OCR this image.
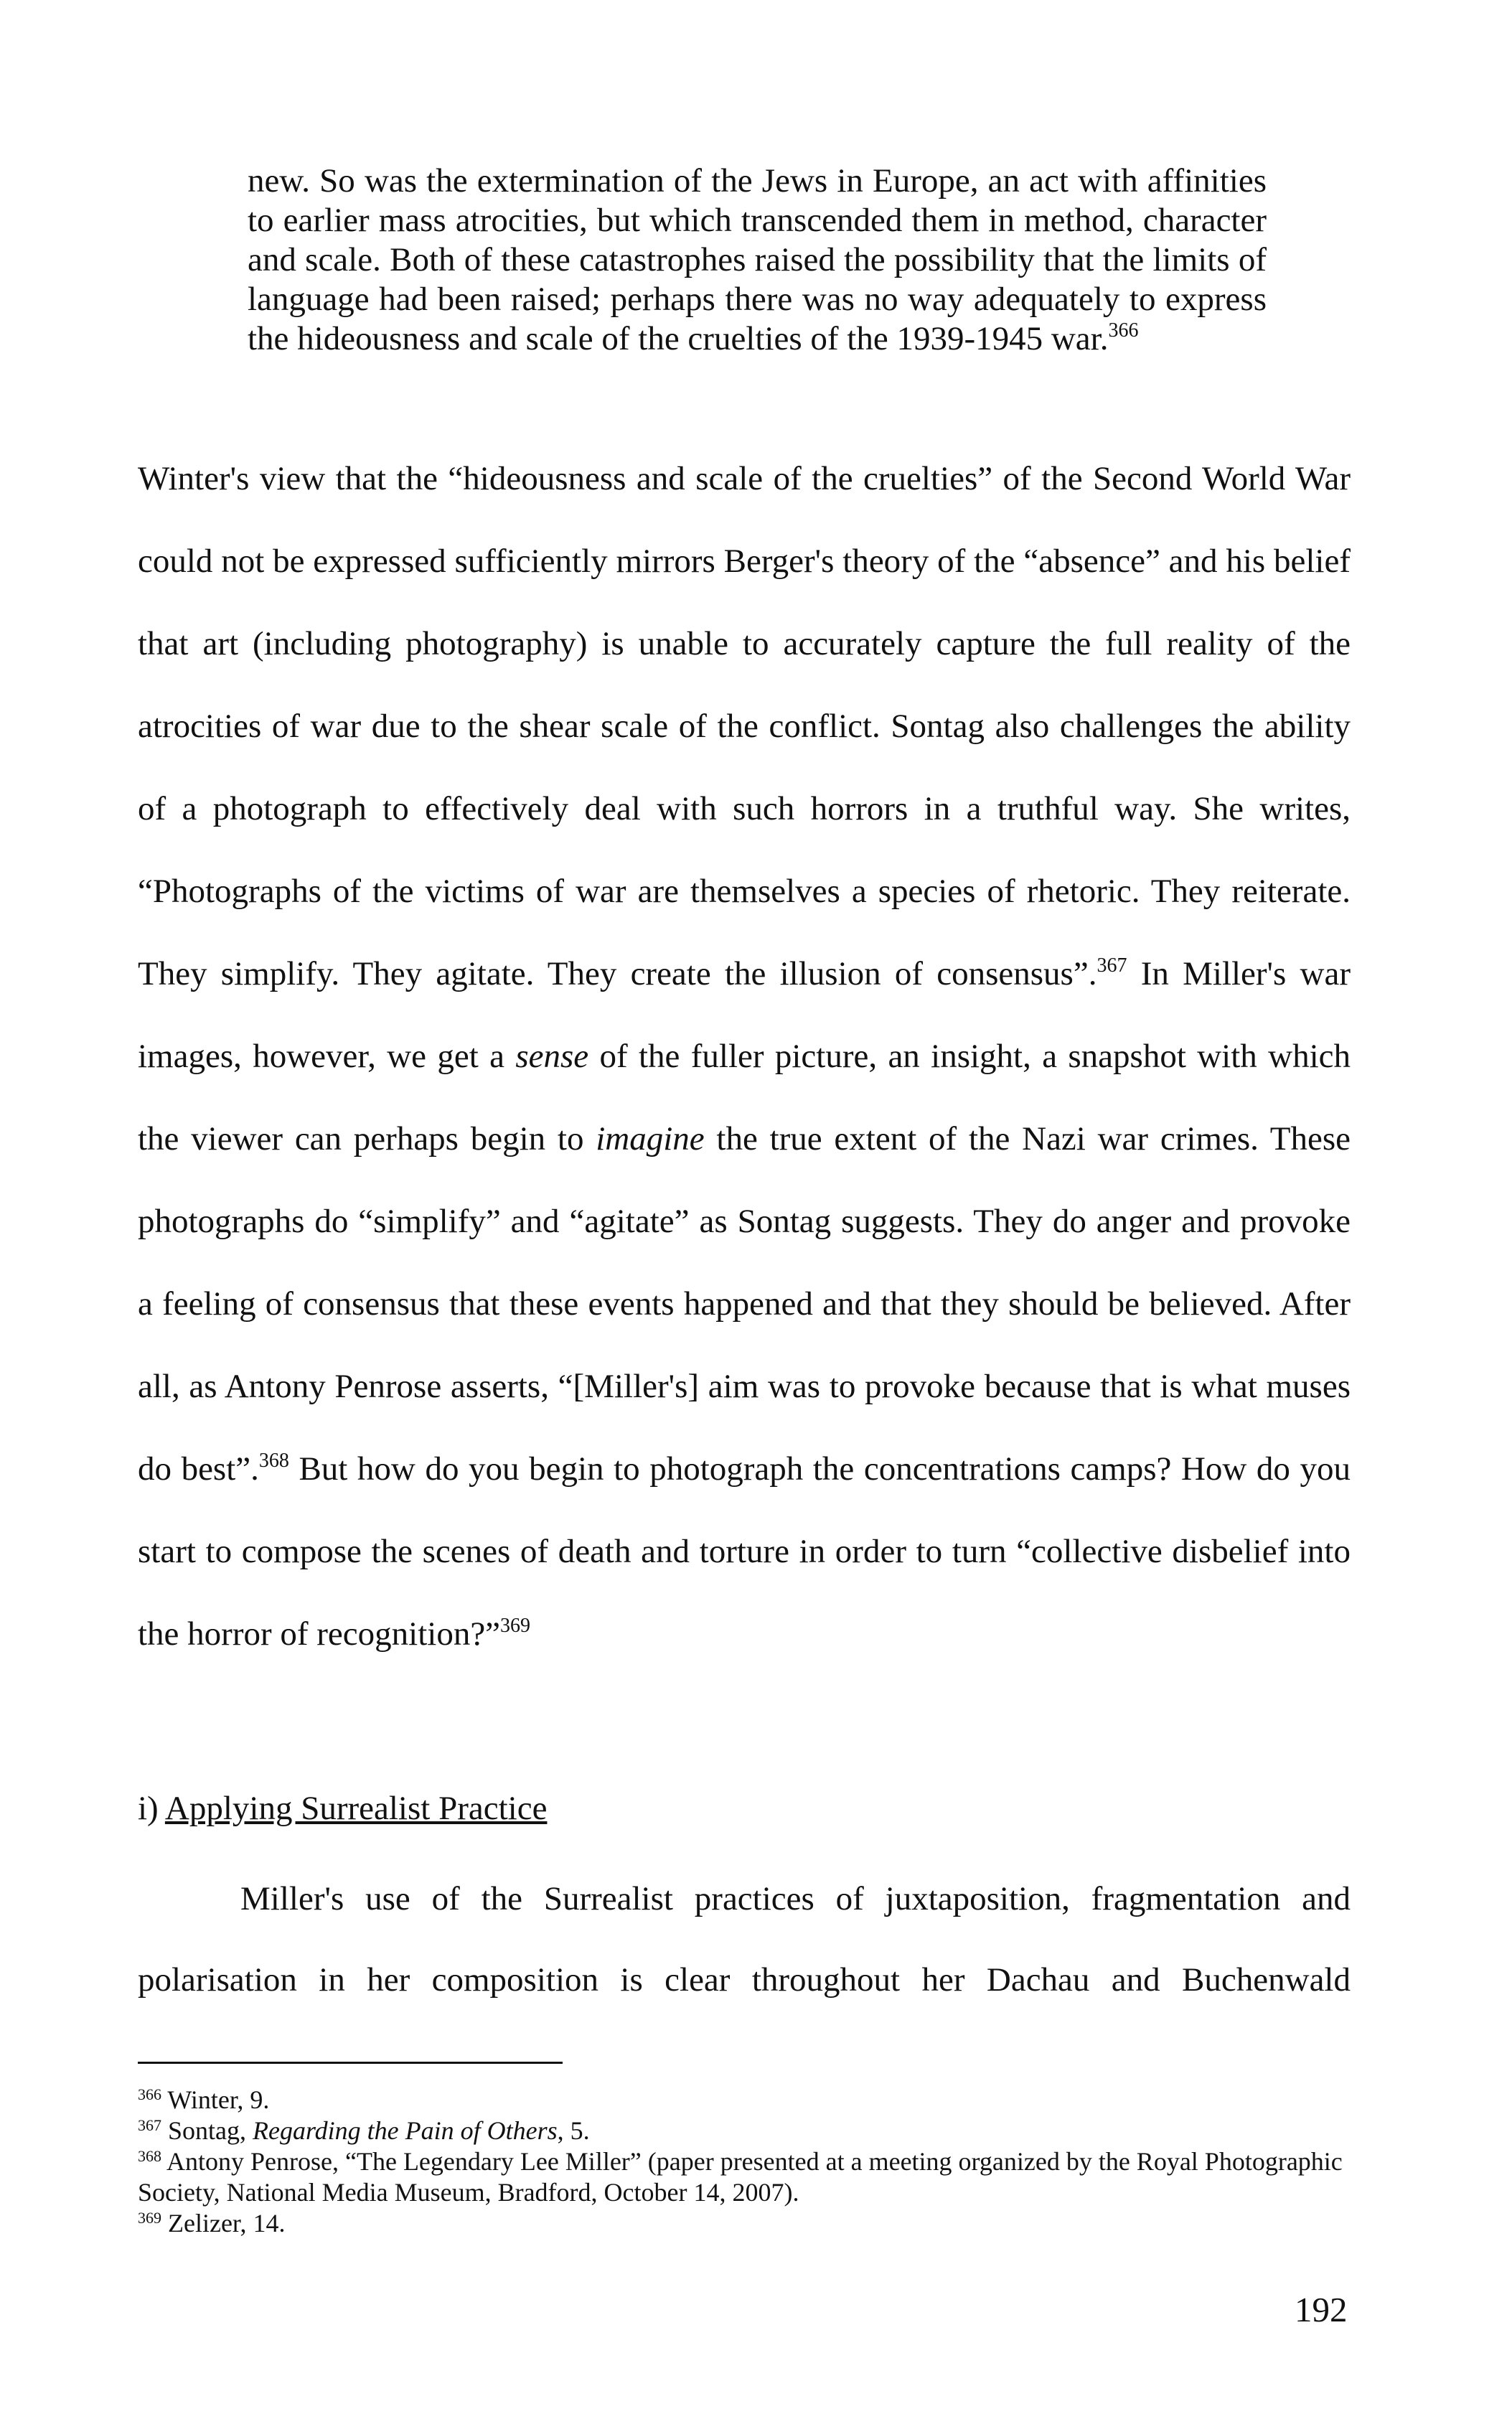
new. So was the extermination of the Jews in Europe, an act with affinities to earlier mass atrocities, but which transcended them in method, character and scale. Both of these catastrophes raised the possibility that the limits of language had been raised; perhaps there was no way adequately to express the hideousness and scale of the cruelties of the 1939-1945 war.$^{366}$

Winter's view that the “hideousness and scale of the cruelties” of the Second World War could not be expressed sufficiently mirrors Berger's theory of the “absence” and his belief that art (including photography) is unable to accurately capture the full reality of the atrocities of war due to the shear scale of the conflict. Sontag also challenges the ability of a photograph to effectively deal with such horrors in a truthful way. She writes, “Photographs of the victims of war are themselves a species of rhetoric. They reiterate. They simplify. They agitate. They create the illusion of consensus”.$^{367}$ In Miller's war images, however, we get a sense of the fuller picture, an insight, a snapshot with which the viewer can perhaps begin to imagine the true extent of the Nazi war crimes. These photographs do “simplify” and “agitate” as Sontag suggests. They do anger and provoke a feeling of consensus that these events happened and that they should be believed. After all, as Antony Penrose asserts, “[Miller's] aim was to provoke because that is what muses do best”.$^{368}$ But how do you begin to photograph the concentrations camps? How do you start to compose the scenes of death and torture in order to turn “collective disbelief into the horror of recognition?”$^{369}$

i) Applying Surrealist Practice

Miller's use of the Surrealist practices of juxtaposition, fragmentation and polarisation in her composition is clear throughout her Dachau and Buchenwald

$^{366}$ Winter, 9.

$^{367}$ Sontag, Regarding the Pain of Others, 5.

$^{368}$ Antony Penrose, “The Legendary Lee Miller” (paper presented at a meeting organized by the Royal Photographic Society, National Media Museum, Bradford, October 14, 2007).

$^{369}$ Zelizer, 14.

192
